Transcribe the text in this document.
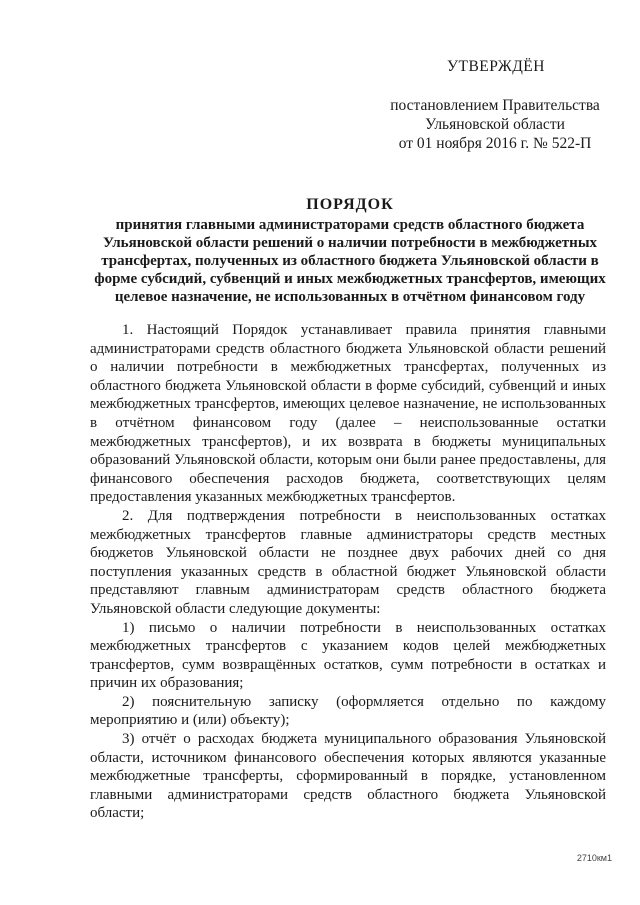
УТВЕРЖДЁН
постановлением Правительства
Ульяновской области
от 01 ноября 2016 г. № 522-П
ПОРЯДОК
принятия главными администраторами средств областного бюджета Ульяновской области решений о наличии потребности в межбюджетных трансфертах, полученных из областного бюджета Ульяновской области в форме субсидий, субвенций и иных межбюджетных трансфертов, имеющих целевое назначение, не использованных в отчётном финансовом году

1. Настоящий Порядок устанавливает правила принятия главными администраторами средств областного бюджета Ульяновской области решений о наличии потребности в межбюджетных трансфертах, полученных из областного бюджета Ульяновской области в форме субсидий, субвенций и иных межбюджетных трансфертов, имеющих целевое назначение, не использованных в отчётном финансовом году (далее – неиспользованные остатки межбюджетных трансфертов), и их возврата в бюджеты муниципальных образований Ульяновской области, которым они были ранее предоставлены, для финансового обеспечения расходов бюджета, соответствующих целям предоставления указанных межбюджетных трансфертов.

2. Для подтверждения потребности в неиспользованных остатках межбюджетных трансфертов главные администраторы средств местных бюджетов Ульяновской области не позднее двух рабочих дней со дня поступления указанных средств в областной бюджет Ульяновской области представляют главным администраторам средств областного бюджета Ульяновской области следующие документы:

1) письмо о наличии потребности в неиспользованных остатках межбюджетных трансфертов с указанием кодов целей межбюджетных трансфертов, сумм возвращённых остатков, сумм потребности в остатках и причин их образования;

2) пояснительную записку (оформляется отдельно по каждому мероприятию и (или) объекту);

3) отчёт о расходах бюджета муниципального образования Ульяновской области, источником финансового обеспечения которых являются указанные межбюджетные трансферты, сформированный в порядке, установленном главными администраторами средств областного бюджета Ульяновской области;

2710км1
